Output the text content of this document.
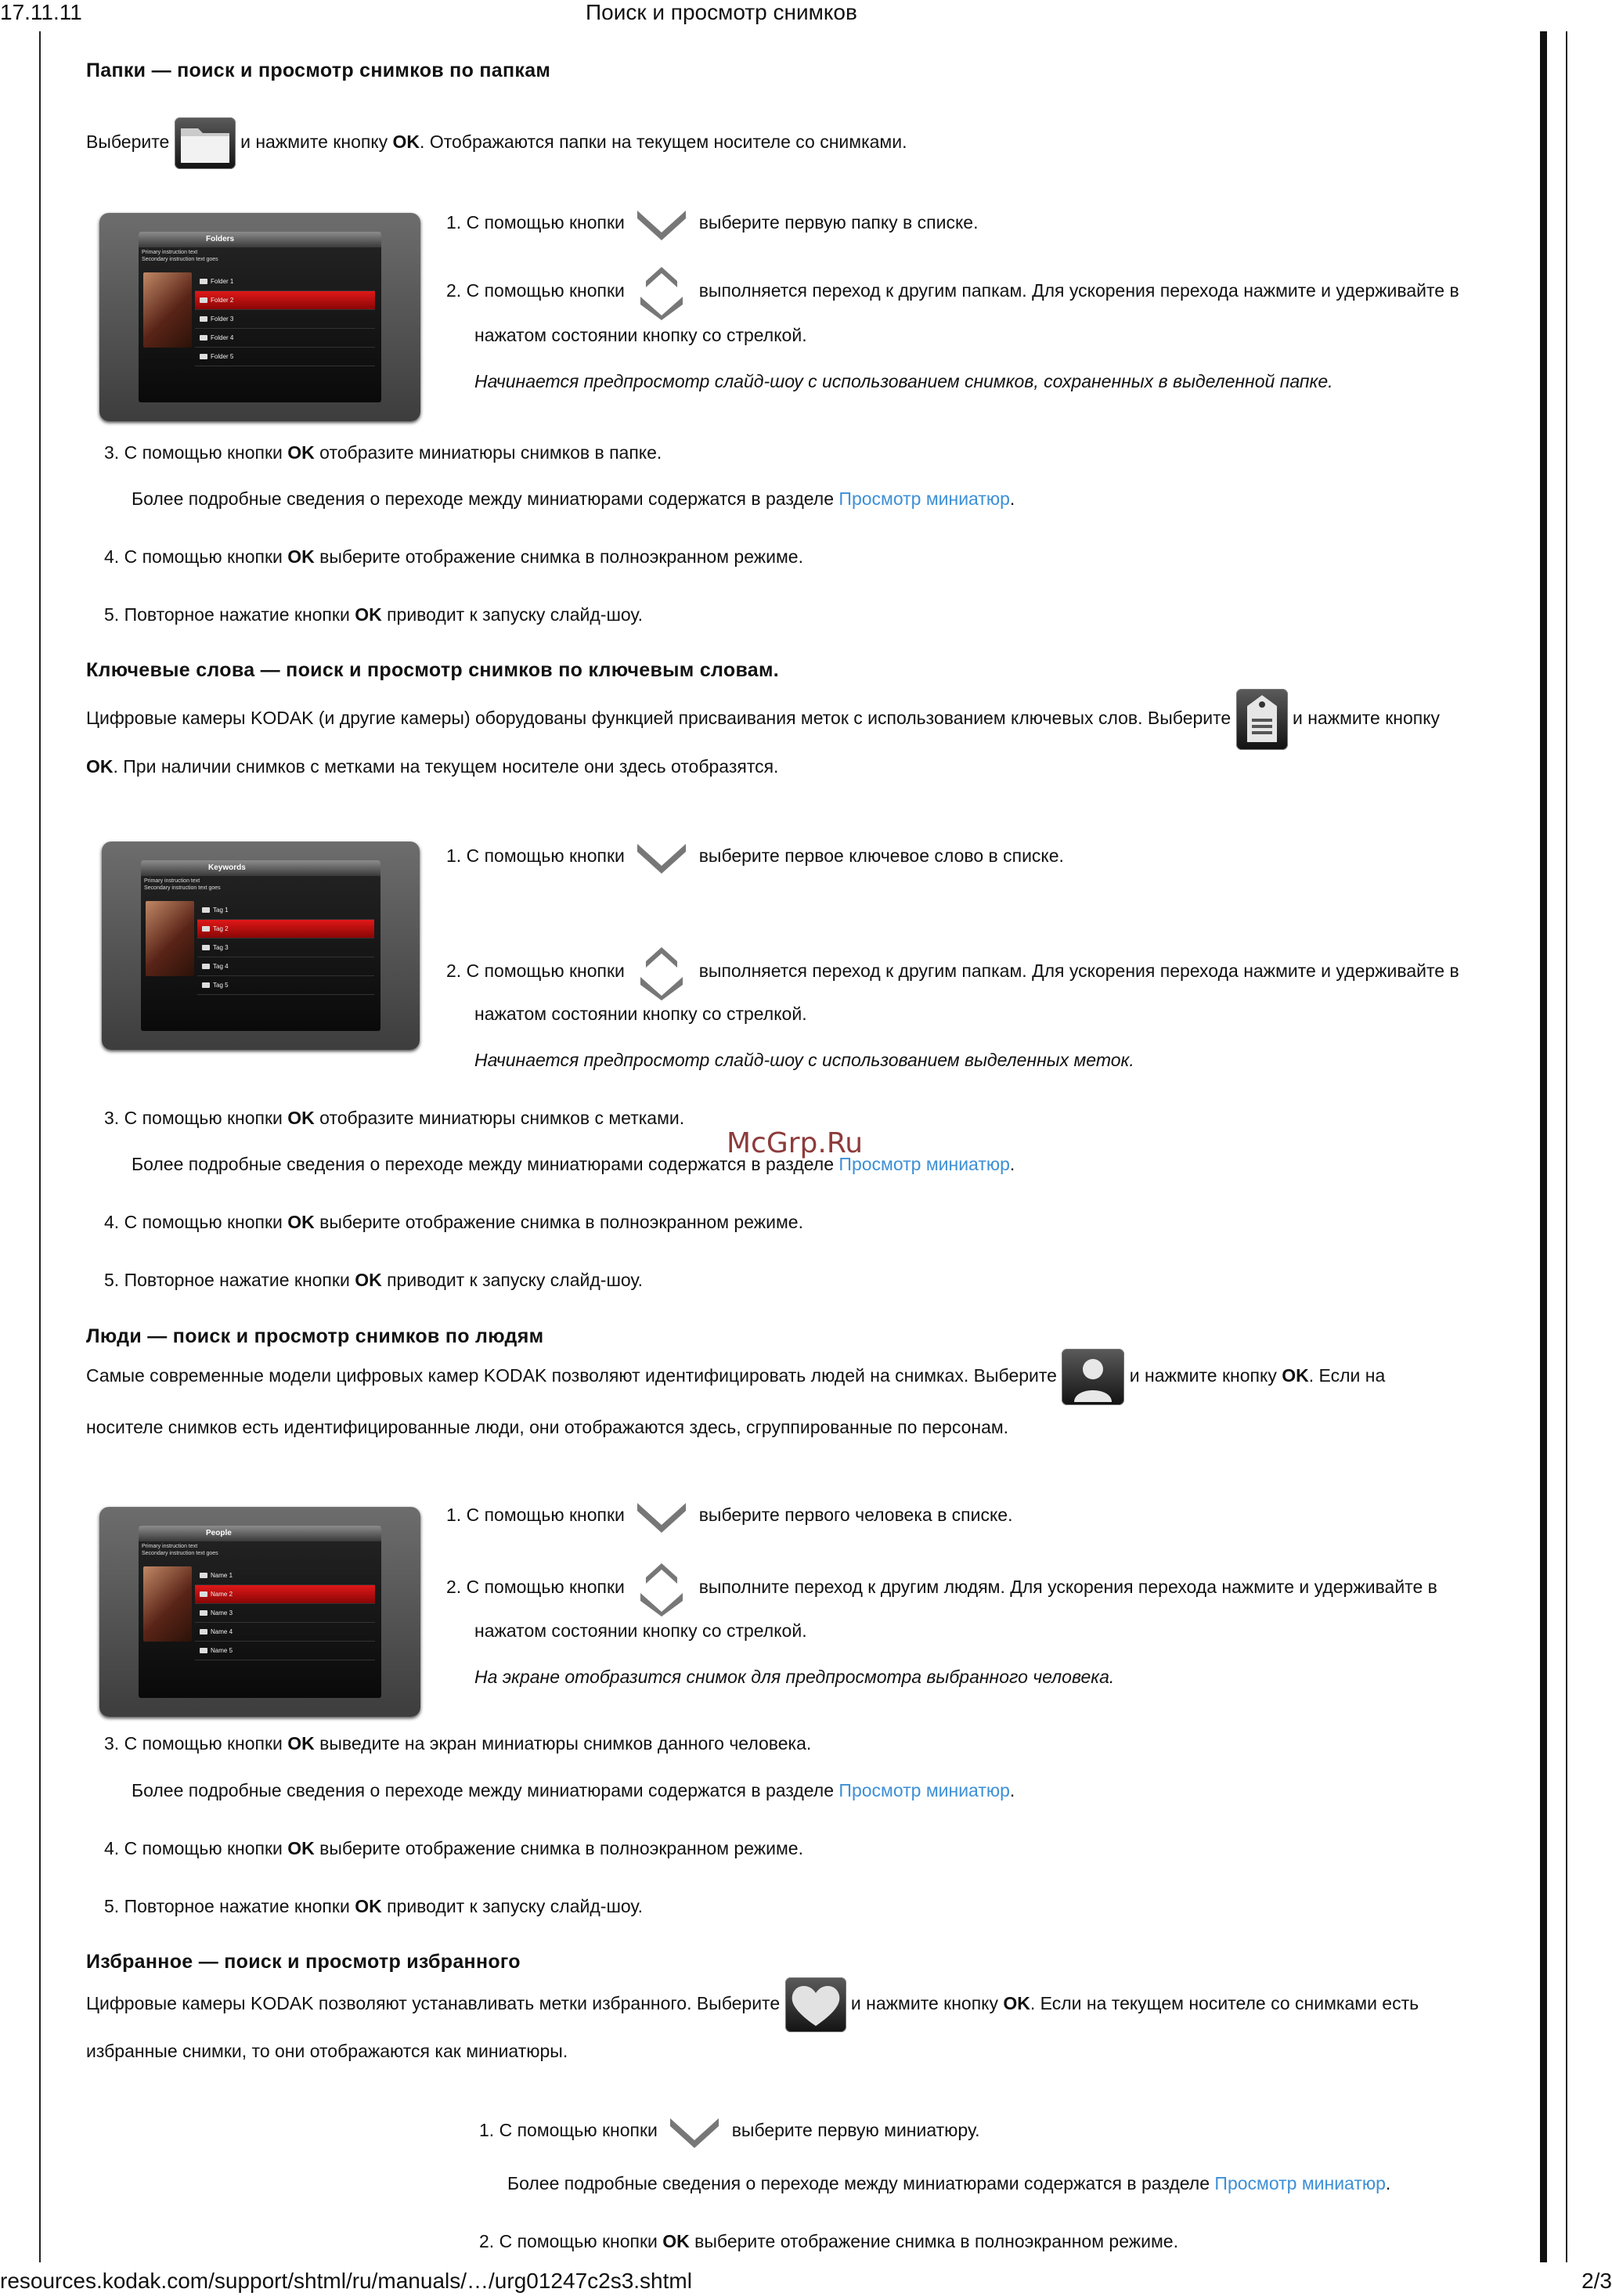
17.11.11	Поиск и просмотр снимков
resources.kodak.com/support/shtml/ru/manuals/…/urg01247c2s3.shtml	2/3
McGrp.Ru
Папки — поиск и просмотр снимков по папкам
Выберите	и нажмите кнопку OK. Отображаются папки на текущем носителе со снимками.
Folders
Primary instruction text
Secondary instruction text goes
Folder 1
Folder 2
Folder 3
Folder 4
Folder 5
1. С помощью кнопки	выберите первую папку в списке.
2. С помощью кнопки	выполняется переход к другим папкам. Для ускорения перехода нажмите и удерживайте в
нажатом состоянии кнопку со стрелкой.
Начинается предпросмотр слайд-шоу с использованием снимков, сохраненных в выделенной папке.
3. С помощью кнопки OK отобразите миниатюры снимков в папке.
Более подробные сведения о переходе между миниатюрами содержатся в разделе Просмотр миниатюр.
4. С помощью кнопки OK выберите отображение снимка в полноэкранном режиме.
5. Повторное нажатие кнопки OK приводит к запуску слайд-шоу.
Ключевые слова — поиск и просмотр снимков по ключевым словам.
Цифровые камеры KODAK (и другие камеры) оборудованы функцией присваивания меток с использованием ключевых слов. Выберите	и нажмите кнопку
OK. При наличии снимков с метками на текущем носителе они здесь отобразятся.
Keywords
Primary instruction text
Secondary instruction text goes
Tag 1
Tag 2
Tag 3
Tag 4
Tag 5
1. С помощью кнопки	выберите первое ключевое слово в списке.
2. С помощью кнопки	выполняется переход к другим папкам. Для ускорения перехода нажмите и удерживайте в
нажатом состоянии кнопку со стрелкой.
Начинается предпросмотр слайд-шоу с использованием выделенных меток.
3. С помощью кнопки OK отобразите миниатюры снимков с метками.
Более подробные сведения о переходе между миниатюрами содержатся в разделе Просмотр миниатюр.
4. С помощью кнопки OK выберите отображение снимка в полноэкранном режиме.
5. Повторное нажатие кнопки OK приводит к запуску слайд-шоу.
Люди — поиск и просмотр снимков по людям
Самые современные модели цифровых камер KODAK позволяют идентифицировать людей на снимках. Выберите	и нажмите кнопку OK. Если на
носителе снимков есть идентифицированные люди, они отображаются здесь, сгруппированные по персонам.
People
Primary instruction text
Secondary instruction text goes
Name 1
Name 2
Name 3
Name 4
Name 5
1. С помощью кнопки	выберите первого человека в списке.
2. С помощью кнопки	выполните переход к другим людям. Для ускорения перехода нажмите и удерживайте в
нажатом состоянии кнопку со стрелкой.
На экране отобразится снимок для предпросмотра выбранного человека.
3. С помощью кнопки OK выведите на экран миниатюры снимков данного человека.
Более подробные сведения о переходе между миниатюрами содержатся в разделе Просмотр миниатюр.
4. С помощью кнопки OK выберите отображение снимка в полноэкранном режиме.
5. Повторное нажатие кнопки OK приводит к запуску слайд-шоу.
Избранное — поиск и просмотр избранного
Цифровые камеры KODAK позволяют устанавливать метки избранного. Выберите	и нажмите кнопку OK. Если на текущем носителе со снимками есть
избранные снимки, то они отображаются как миниатюры.
1. С помощью кнопки	выберите первую миниатюру.
Более подробные сведения о переходе между миниатюрами содержатся в разделе Просмотр миниатюр.
2. С помощью кнопки OK выберите отображение снимка в полноэкранном режиме.
